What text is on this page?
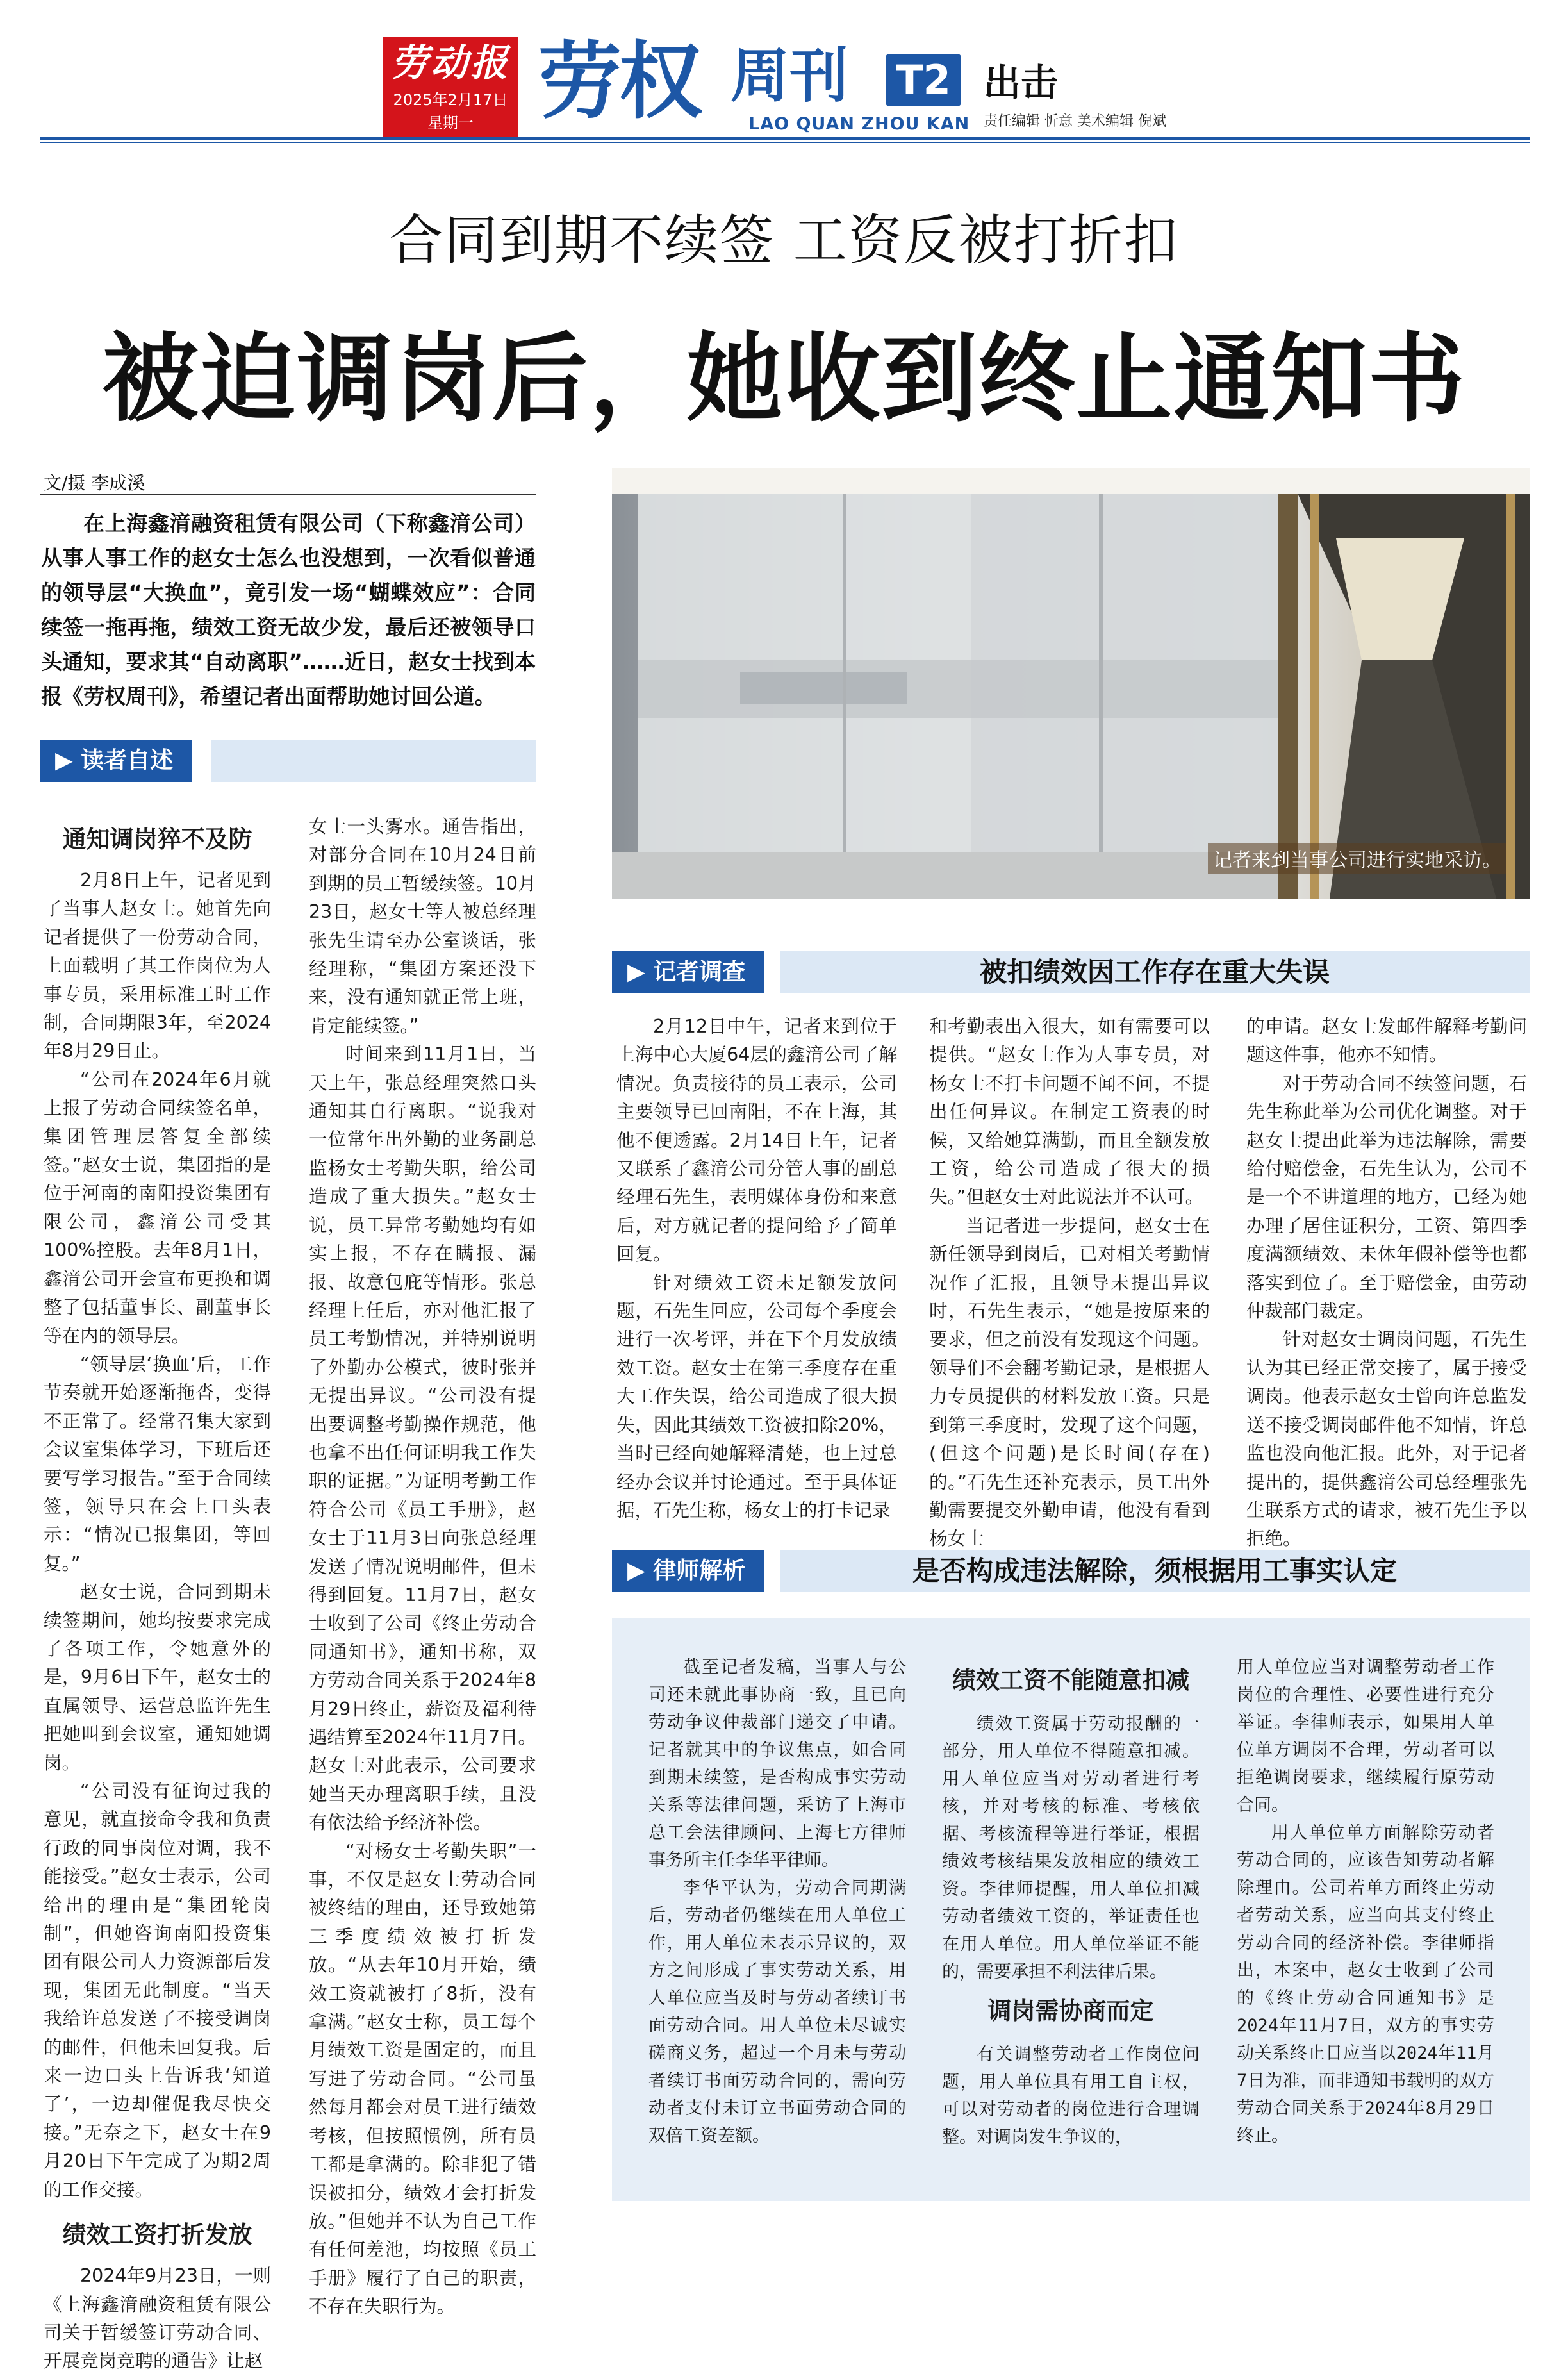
劳动报
2025年2月17日
星期一 劳权 周刊 T2
LAO QUAN ZHOU KAN
出击
责任编辑 忻意 美术编辑 倪斌
合同到期不续签 工资反被打折扣
被迫调岗后，她收到终止通知书
文/摄 李成溪
在上海鑫湇融资租赁有限公司（下称鑫湇公司）从事人事工作的赵女士怎么也没想到，一次看似普通的领导层“大换血”，竟引发一场“蝴蝶效应”：合同续签一拖再拖，绩效工资无故少发，最后还被领导口头通知，要求其“自动离职”……近日，赵女士找到本报《劳权周刊》，希望记者出面帮助她讨回公道。
记者来到当事公司进行实地采访。
▶ 读者自述
通知调岗猝不及防

2月8日上午，记者见到了当事人赵女士。她首先向记者提供了一份劳动合同，上面载明了其工作岗位为人事专员，采用标准工时工作制，合同期限3年，至2024年8月29日止。

“公司在2024年6月就上报了劳动合同续签名单，集团管理层答复全部续签。”赵女士说，集团指的是位于河南的南阳投资集团有限公司，鑫湇公司受其100%控股。去年8月1日，鑫湇公司开会宣布更换和调整了包括董事长、副董事长等在内的领导层。

“领导层‘换血’后，工作节奏就开始逐渐拖沓，变得不正常了。经常召集大家到会议室集体学习，下班后还要写学习报告。”至于合同续签，领导只在会上口头表示：“情况已报集团，等回复。”

赵女士说，合同到期未续签期间，她均按要求完成了各项工作，令她意外的是，9月6日下午，赵女士的直属领导、运营总监许先生把她叫到会议室，通知她调岗。

“公司没有征询过我的意见，就直接命令我和负责行政的同事岗位对调，我不能接受。”赵女士表示，公司给出的理由是“集团轮岗制”，但她咨询南阳投资集团有限公司人力资源部后发现，集团无此制度。“当天我给许总发送了不接受调岗的邮件，但他未回复我。后来一边口头上告诉我‘知道了’，一边却催促我尽快交接。”无奈之下，赵女士在9月20日下午完成了为期2周的工作交接。

绩效工资打折发放

2024年9月23日，一则《上海鑫湇融资租赁有限公司关于暂缓签订劳动合同、开展竞岗竞聘的通告》让赵

女士一头雾水。通告指出，对部分合同在10月24日前到期的员工暂缓续签。10月23日，赵女士等人被总经理张先生请至办公室谈话，张经理称，“集团方案还没下来，没有通知就正常上班，肯定能续签。”

时间来到11月1日，当天上午，张总经理突然口头通知其自行离职。“说我对一位常年出外勤的业务副总监杨女士考勤失职，给公司造成了重大损失。”赵女士说，员工异常考勤她均有如实上报，不存在瞒报、漏报、故意包庇等情形。张总经理上任后，亦对他汇报了员工考勤情况，并特别说明了外勤办公模式，彼时张并无提出异议。“公司没有提出要调整考勤操作规范，他也拿不出任何证明我工作失职的证据。”为证明考勤工作符合公司《员工手册》，赵女士于11月3日向张总经理发送了情况说明邮件，但未得到回复。11月7日，赵女士收到了公司《终止劳动合同通知书》，通知书称，双方劳动合同关系于2024年8月29日终止，薪资及福利待遇结算至2024年11月7日。赵女士对此表示，公司要求她当天办理离职手续，且没有依法给予经济补偿。

“对杨女士考勤失职”一事，不仅是赵女士劳动合同被终结的理由，还导致她第三季度绩效被打折发放。“从去年10月开始，绩效工资就被打了8折，没有拿满。”赵女士称，员工每个月绩效工资是固定的，而且写进了劳动合同。“公司虽然每月都会对员工进行绩效考核，但按照惯例，所有员工都是拿满的。除非犯了错误被扣分，绩效才会打折发放。”但她并不认为自己工作有任何差池，均按照《员工手册》履行了自己的职责，不存在失职行为。

▶ 记者调查	被扣绩效因工作存在重大失误

2月12日中午，记者来到位于上海中心大厦64层的鑫湇公司了解情况。负责接待的员工表示，公司主要领导已回南阳，不在上海，其他不便透露。2月14日上午，记者又联系了鑫湇公司分管人事的副总经理石先生，表明媒体身份和来意后，对方就记者的提问给予了简单回复。

针对绩效工资未足额发放问题，石先生回应，公司每个季度会进行一次考评，并在下个月发放绩效工资。赵女士在第三季度存在重大工作失误，给公司造成了很大损失，因此其绩效工资被扣除20%，当时已经向她解释清楚，也上过总经办会议并讨论通过。至于具体证据，石先生称，杨女士的打卡记录

和考勤表出入很大，如有需要可以提供。“赵女士作为人事专员，对杨女士不打卡问题不闻不问，不提出任何异议。在制定工资表的时候，又给她算满勤，而且全额发放工资，给公司造成了很大的损失。”但赵女士对此说法并不认可。

当记者进一步提问，赵女士在新任领导到岗后，已对相关考勤情况作了汇报，且领导未提出异议时，石先生表示，“她是按原来的要求，但之前没有发现这个问题。领导们不会翻考勤记录，是根据人力专员提供的材料发放工资。只是到第三季度时，发现了这个问题，(但这个问题)是长时间(存在)的。”石先生还补充表示，员工出外勤需要提交外勤申请，他没有看到杨女士

的申请。赵女士发邮件解释考勤问题这件事，他亦不知情。

对于劳动合同不续签问题，石先生称此举为公司优化调整。对于赵女士提出此举为违法解除，需要给付赔偿金，石先生认为，公司不是一个不讲道理的地方，已经为她办理了居住证积分，工资、第四季度满额绩效、未休年假补偿等也都落实到位了。至于赔偿金，由劳动仲裁部门裁定。

针对赵女士调岗问题，石先生认为其已经正常交接了，属于接受调岗。他表示赵女士曾向许总监发送不接受调岗邮件他不知情，许总监也没向他汇报。此外，对于记者提出的，提供鑫湇公司总经理张先生联系方式的请求，被石先生予以拒绝。

▶ 律师解析	是否构成违法解除，须根据用工事实认定

截至记者发稿，当事人与公司还未就此事协商一致，且已向劳动争议仲裁部门递交了申请。记者就其中的争议焦点，如合同到期未续签，是否构成事实劳动关系等法律问题，采访了上海市总工会法律顾问、上海七方律师事务所主任李华平律师。

李华平认为，劳动合同期满后，劳动者仍继续在用人单位工作，用人单位未表示异议的，双方之间形成了事实劳动关系，用人单位应当及时与劳动者续订书面劳动合同。用人单位未尽诚实磋商义务，超过一个月未与劳动者续订书面劳动合同的，需向劳动者支付未订立书面劳动合同的双倍工资差额。

绩效工资不能随意扣减

绩效工资属于劳动报酬的一部分，用人单位不得随意扣减。用人单位应当对劳动者进行考核，并对考核的标准、考核依据、考核流程等进行举证，根据绩效考核结果发放相应的绩效工资。李律师提醒，用人单位扣减劳动者绩效工资的，举证责任也在用人单位。用人单位举证不能的，需要承担不利法律后果。

调岗需协商而定

有关调整劳动者工作岗位问题，用人单位具有用工自主权，可以对劳动者的岗位进行合理调整。对调岗发生争议的，

用人单位应当对调整劳动者工作岗位的合理性、必要性进行充分举证。李律师表示，如果用人单位单方调岗不合理，劳动者可以拒绝调岗要求，继续履行原劳动合同。

用人单位单方面解除劳动者劳动合同的，应该告知劳动者解除理由。公司若单方面终止劳动者劳动关系，应当向其支付终止劳动合同的经济补偿。李律师指出，本案中，赵女士收到了公司的《终止劳动合同通知书》是2024年11月7日，双方的事实劳动关系终止日应当以2024年11月7日为准，而非通知书载明的双方劳动合同关系于2024年8月29日终止。
